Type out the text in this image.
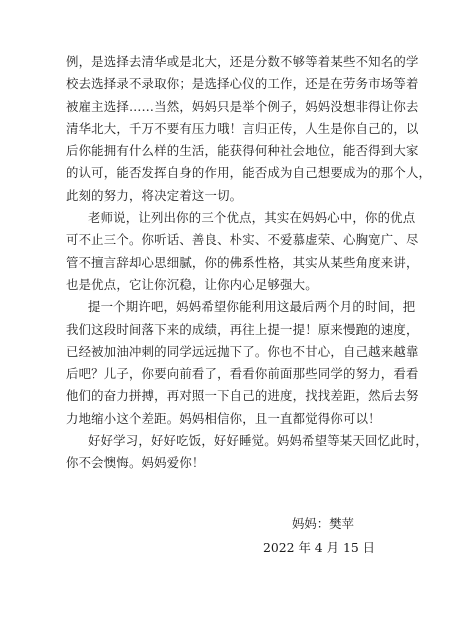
例，是选择去清华或是北大，还是分数不够等着某些不知名的学
校去选择录不录取你；是选择心仪的工作，还是在劳务市场等着
被雇主选择……当然，妈妈只是举个例子，妈妈没想非得让你去
清华北大，千万不要有压力哦！言归正传，人生是你自己的，以
后你能拥有什么样的生活，能获得何种社会地位，能否得到大家
的认可，能否发挥自身的作用，能否成为自己想要成为的那个人，
此刻的努力，将决定着这一切。
老师说，让列出你的三个优点，其实在妈妈心中，你的优点
可不止三个。你听话、善良、朴实、不爱慕虚荣、心胸宽广、尽
管不擅言辞却心思细腻，你的佛系性格，其实从某些角度来讲，
也是优点，它让你沉稳，让你内心足够强大。
提一个期许吧，妈妈希望你能利用这最后两个月的时间，把
我们这段时间落下来的成绩，再往上提一提！原来慢跑的速度，
已经被加油冲刺的同学远远抛下了。你也不甘心，自己越来越靠
后吧？儿子，你要向前看了，看看你前面那些同学的努力，看看
他们的奋力拼搏，再对照一下自己的进度，找找差距，然后去努
力地缩小这个差距。妈妈相信你，且一直都觉得你可以！
好好学习，好好吃饭，好好睡觉。妈妈希望等某天回忆此时，
你不会懊悔。妈妈爱你！
妈妈：樊苹
2022 年 4 月 15 日
